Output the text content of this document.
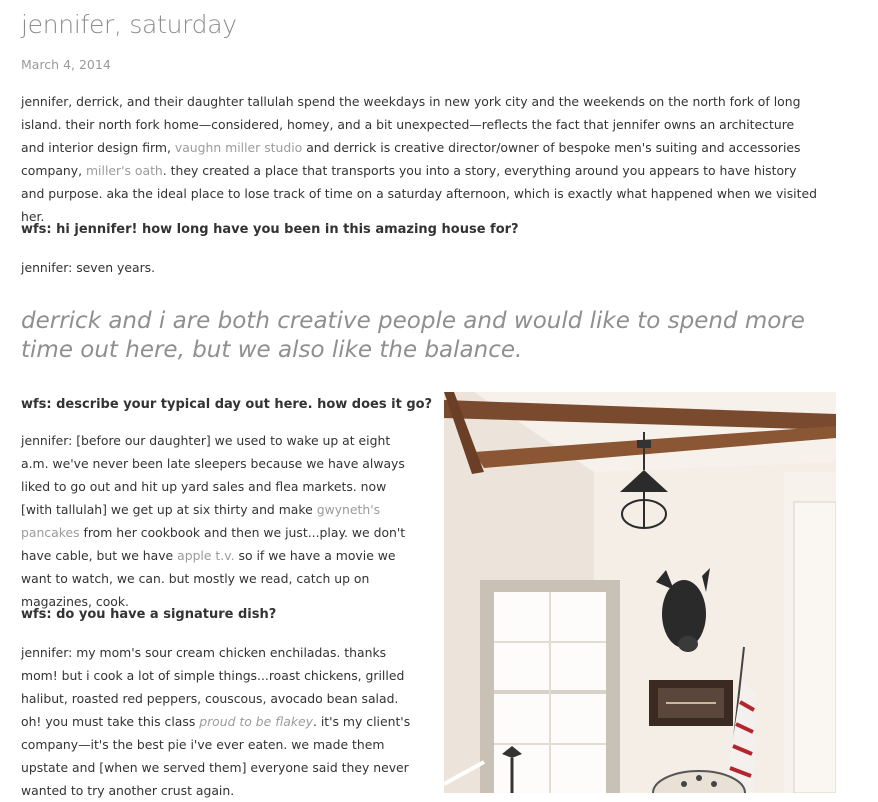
jennifer, saturday
March 4, 2014

jennifer, derrick, and their daughter tallulah spend the weekdays in new york city and the weekends on the north fork of long island. their north fork home—considered, homey, and a bit unexpected—reflects the fact that jennifer owns an architecture and interior design firm, vaughn miller studio and derrick is creative director/owner of bespoke men's suiting and accessories company, miller's oath. they created a place that transports you into a story, everything around you appears to have history and purpose. aka the ideal place to lose track of time on a saturday afternoon, which is exactly what happened when we visited her.

wfs: hi jennifer! how long have you been in this amazing house for?

jennifer: seven years.

derrick and i are both creative people and would like to spend more time out here, but we also like the balance.
wfs: describe your typical day out here. how does it go?

jennifer: [before our daughter] we used to wake up at eight a.m. we've never been late sleepers because we have always liked to go out and hit up yard sales and flea markets. now [with tallulah] we get up at six thirty and make gwyneth's pancakes from her cookbook and then we just...play. we don't have cable, but we have apple t.v. so if we have a movie we want to watch, we can. but mostly we read, catch up on magazines, cook.

wfs: do you have a signature dish?

jennifer: my mom's sour cream chicken enchiladas. thanks mom! but i cook a lot of simple things...roast chickens, grilled halibut, roasted red peppers, couscous, avocado bean salad. oh! you must take this class proud to be flakey. it's my client's company—it's the best pie i've ever eaten. we made them upstate and [when we served them] everyone said they never wanted to try another crust again.
